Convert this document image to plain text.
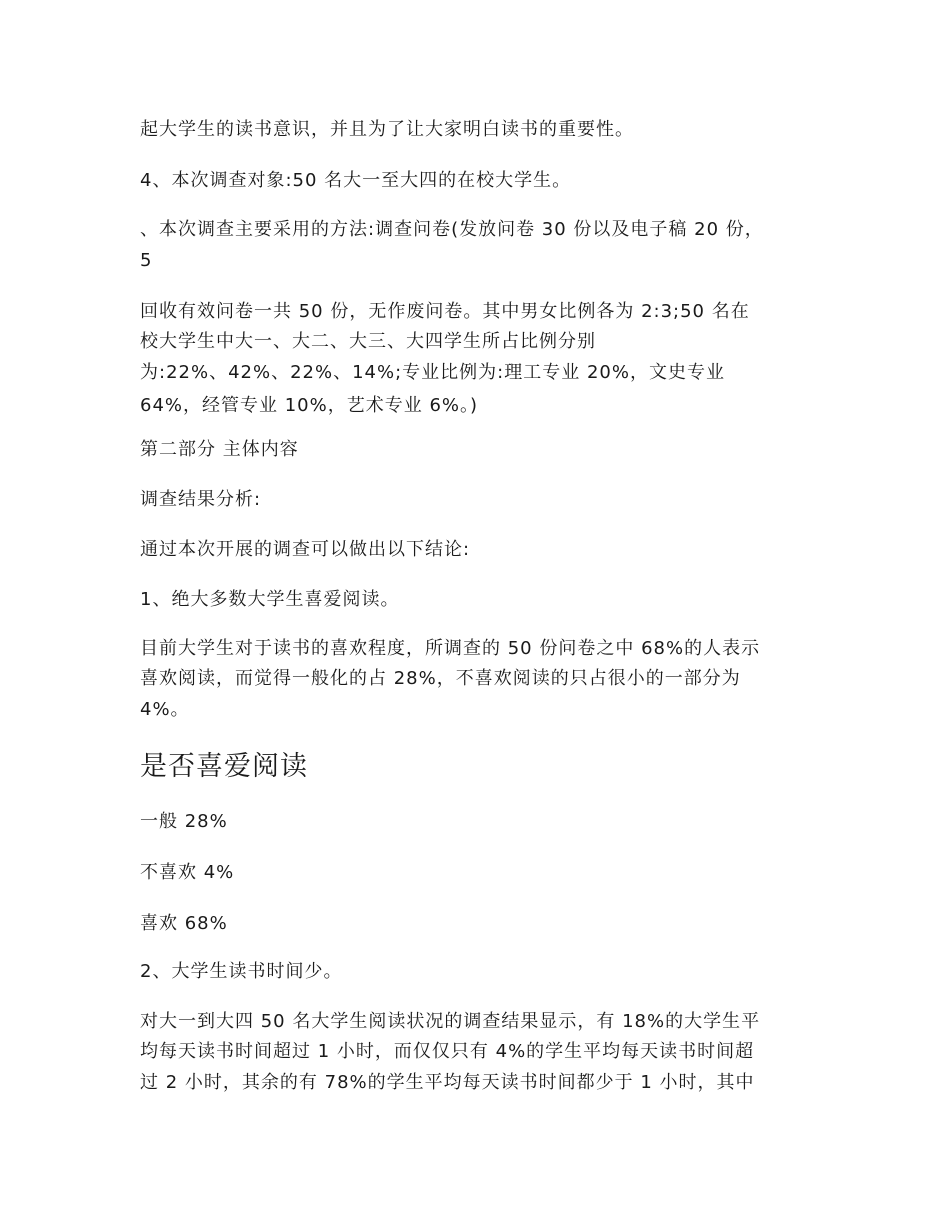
起大学生的读书意识，并且为了让大家明白读书的重要性。
4、本次调查对象:50 名大一至大四的在校大学生。
、本次调查主要采用的方法:调查问卷(发放问卷 30 份以及电子稿 20 份，
5
回收有效问卷一共 50 份，无作废问卷。其中男女比例各为 2:3;50 名在
校大学生中大一、大二、大三、大四学生所占比例分别
为:22%、42%、22%、14%;专业比例为:理工专业 20%，文史专业
64%，经管专业 10%，艺术专业 6%。)
第二部分 主体内容
调查结果分析:
通过本次开展的调查可以做出以下结论:
1、绝大多数大学生喜爱阅读。
目前大学生对于读书的喜欢程度，所调查的 50 份问卷之中 68%的人表示
喜欢阅读，而觉得一般化的占 28%，不喜欢阅读的只占很小的一部分为
4%。
是否喜爱阅读
一般 28%
不喜欢 4%
喜欢 68%
2、大学生读书时间少。
对大一到大四 50 名大学生阅读状况的调查结果显示，有 18%的大学生平
均每天读书时间超过 1 小时，而仅仅只有 4%的学生平均每天读书时间超
过 2 小时，其余的有 78%的学生平均每天读书时间都少于 1 小时，其中
